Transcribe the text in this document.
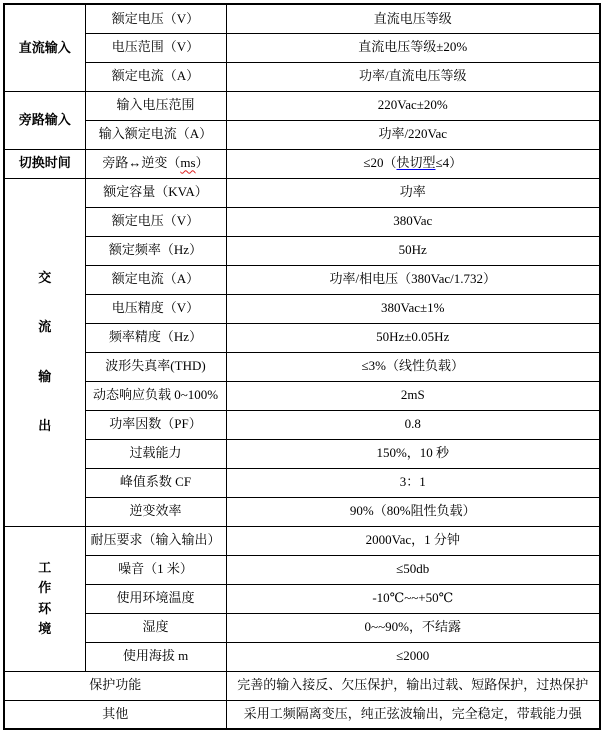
直流输入	额定电压（V）	直流电压等级
	电压范围（V）	直流电压等级±20%
	额定电流（A）	功率/直流电压等级
旁路输入	输入电压范围	220Vac±20%
	输入额定电流（A）	功率/220Vac
切换时间	旁路↔逆变（ms）	≤20（快切型≤4）

交
流
输
出	额定容量（KVA）	功率
	额定电压（V）	380Vac
	额定频率（Hz）	50Hz
	额定电流（A）	功率/相电压（380Vac/1.732）
	电压精度（V）	380Vac±1%
	频率精度（Hz）	50Hz±0.05Hz
	波形失真率(THD)	≤3%（线性负载）
	动态响应负载 0~100%	2mS
	功率因数（PF）	0.8
	过载能力	150%，10 秒
	峰值系数 CF	3：1
	逆变效率	90%（80%阻性负载）

工
作
环
境	耐压要求（输入输出）	2000Vac，1 分钟
	噪音（1 米）	≤50db
	使用环境温度	-10℃~~+50℃
	湿度	0~~90%，不结露
	使用海拔 m	≤2000
保护功能		完善的输入接反、欠压保护，输出过载、短路保护，过热保护
其他		采用工频隔离变压，纯正弦波输出，完全稳定，带载能力强
